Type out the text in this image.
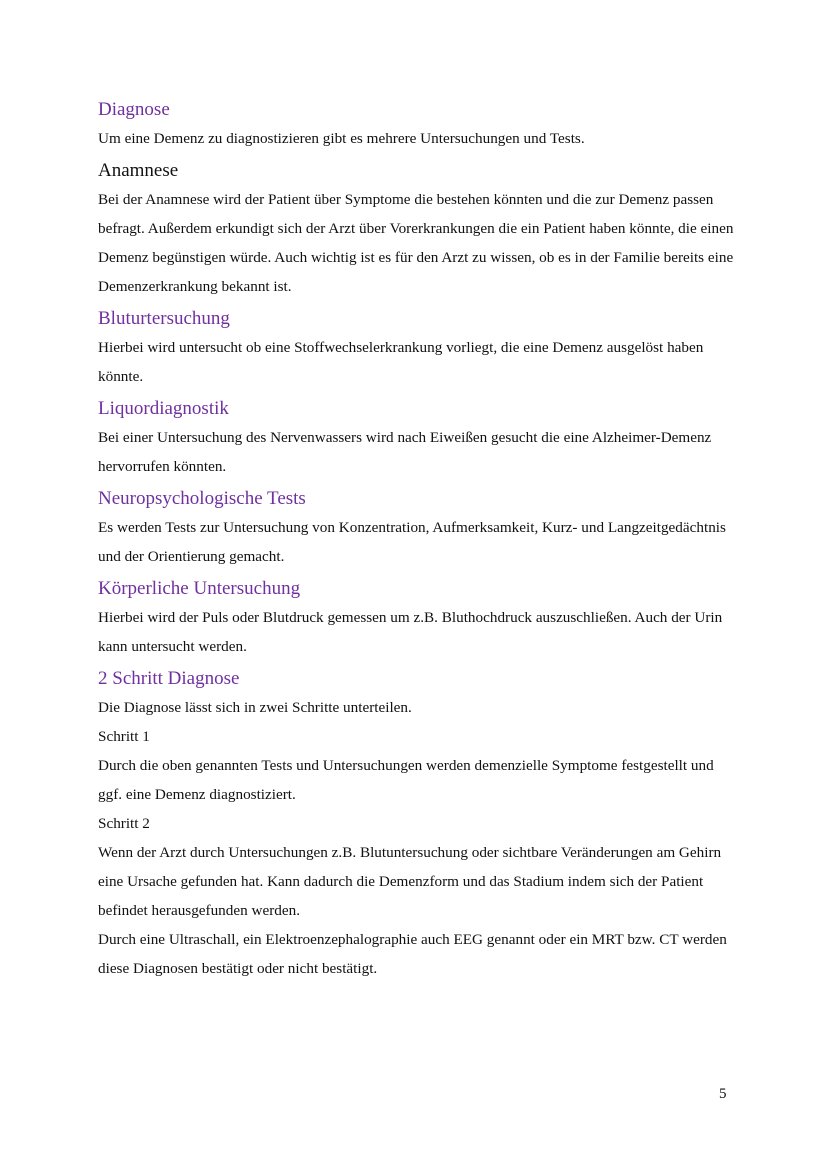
Diagnose

Um eine Demenz zu diagnostizieren gibt es mehrere Untersuchungen und Tests.

Anamnese

Bei der Anamnese wird der Patient über Symptome die bestehen könnten und die zur Demenz passen befragt. Außerdem erkundigt sich der Arzt über Vorerkrankungen die ein Patient haben könnte, die einen Demenz begünstigen würde. Auch wichtig ist es für den Arzt zu wissen, ob es in der Familie bereits eine Demenzerkrankung bekannt ist.

Bluturtersuchung

Hierbei wird untersucht ob eine Stoffwechselerkrankung vorliegt, die eine Demenz ausgelöst haben könnte.

Liquordiagnostik

Bei einer Untersuchung des Nervenwassers wird nach Eiweißen gesucht die eine Alzheimer-Demenz hervorrufen könnten.

Neuropsychologische Tests

Es werden Tests zur Untersuchung von Konzentration, Aufmerksamkeit, Kurz- und Langzeitgedächtnis und der Orientierung gemacht.

Körperliche Untersuchung

Hierbei wird der Puls oder Blutdruck gemessen um z.B. Bluthochdruck auszuschließen. Auch der Urin kann untersucht werden.

2 Schritt Diagnose

Die Diagnose lässt sich in zwei Schritte unterteilen.

Schritt 1

Durch die oben genannten Tests und Untersuchungen werden demenzielle Symptome festgestellt und ggf. eine Demenz diagnostiziert.

Schritt 2

Wenn der Arzt durch Untersuchungen z.B. Blutuntersuchung oder sichtbare Veränderungen am Gehirn eine Ursache gefunden hat. Kann dadurch die Demenzform und das Stadium indem sich der Patient befindet herausgefunden werden.

Durch eine Ultraschall, ein Elektroenzephalographie auch EEG genannt oder ein MRT bzw. CT werden diese Diagnosen bestätigt oder nicht bestätigt.

5
